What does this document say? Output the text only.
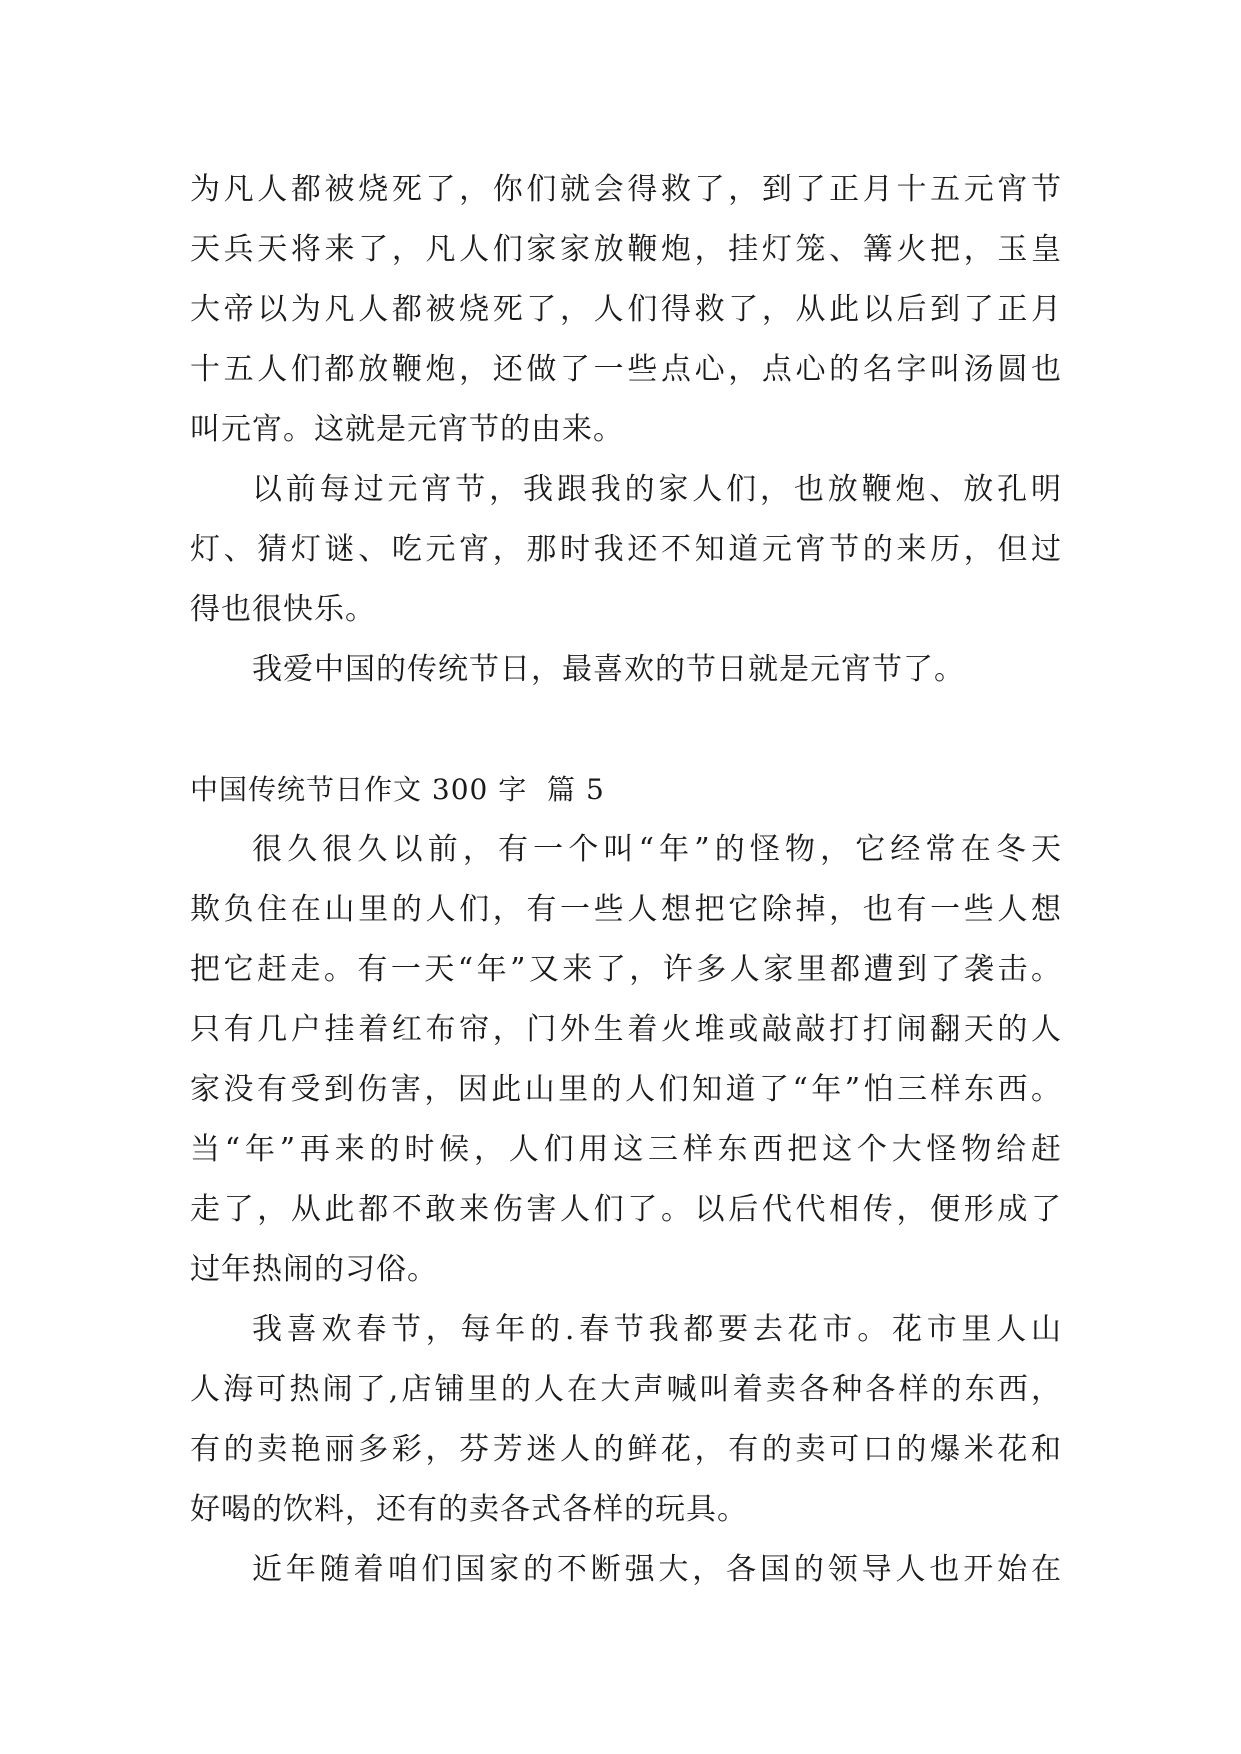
为凡人都被烧死了，你们就会得救了，到了正月十五元宵节
天兵天将来了，凡人们家家放鞭炮，挂灯笼、篝火把，玉皇
大帝以为凡人都被烧死了，人们得救了，从此以后到了正月
十五人们都放鞭炮，还做了一些点心，点心的名字叫汤圆也
叫元宵。这就是元宵节的由来。
以前每过元宵节，我跟我的家人们，也放鞭炮、放孔明
灯、猜灯谜、吃元宵，那时我还不知道元宵节的来历，但过
得也很快乐。
我爱中国的传统节日，最喜欢的节日就是元宵节了。
中国传统节日作文 300 字  篇 5
很久很久以前，有一个叫“年”的怪物，它经常在冬天
欺负住在山里的人们，有一些人想把它除掉，也有一些人想
把它赶走。有一天“年”又来了，许多人家里都遭到了袭击。
只有几户挂着红布帘，门外生着火堆或敲敲打打闹翻天的人
家没有受到伤害，因此山里的人们知道了“年”怕三样东西。
当“年”再来的时候，人们用这三样东西把这个大怪物给赶
走了，从此都不敢来伤害人们了。以后代代相传，便形成了
过年热闹的习俗。
我喜欢春节，每年的.春节我都要去花市。花市里人山
人海可热闹了,店铺里的人在大声喊叫着卖各种各样的东西，
有的卖艳丽多彩，芬芳迷人的鲜花，有的卖可口的爆米花和
好喝的饮料，还有的卖各式各样的玩具。
近年随着咱们国家的不断强大，各国的领导人也开始在
